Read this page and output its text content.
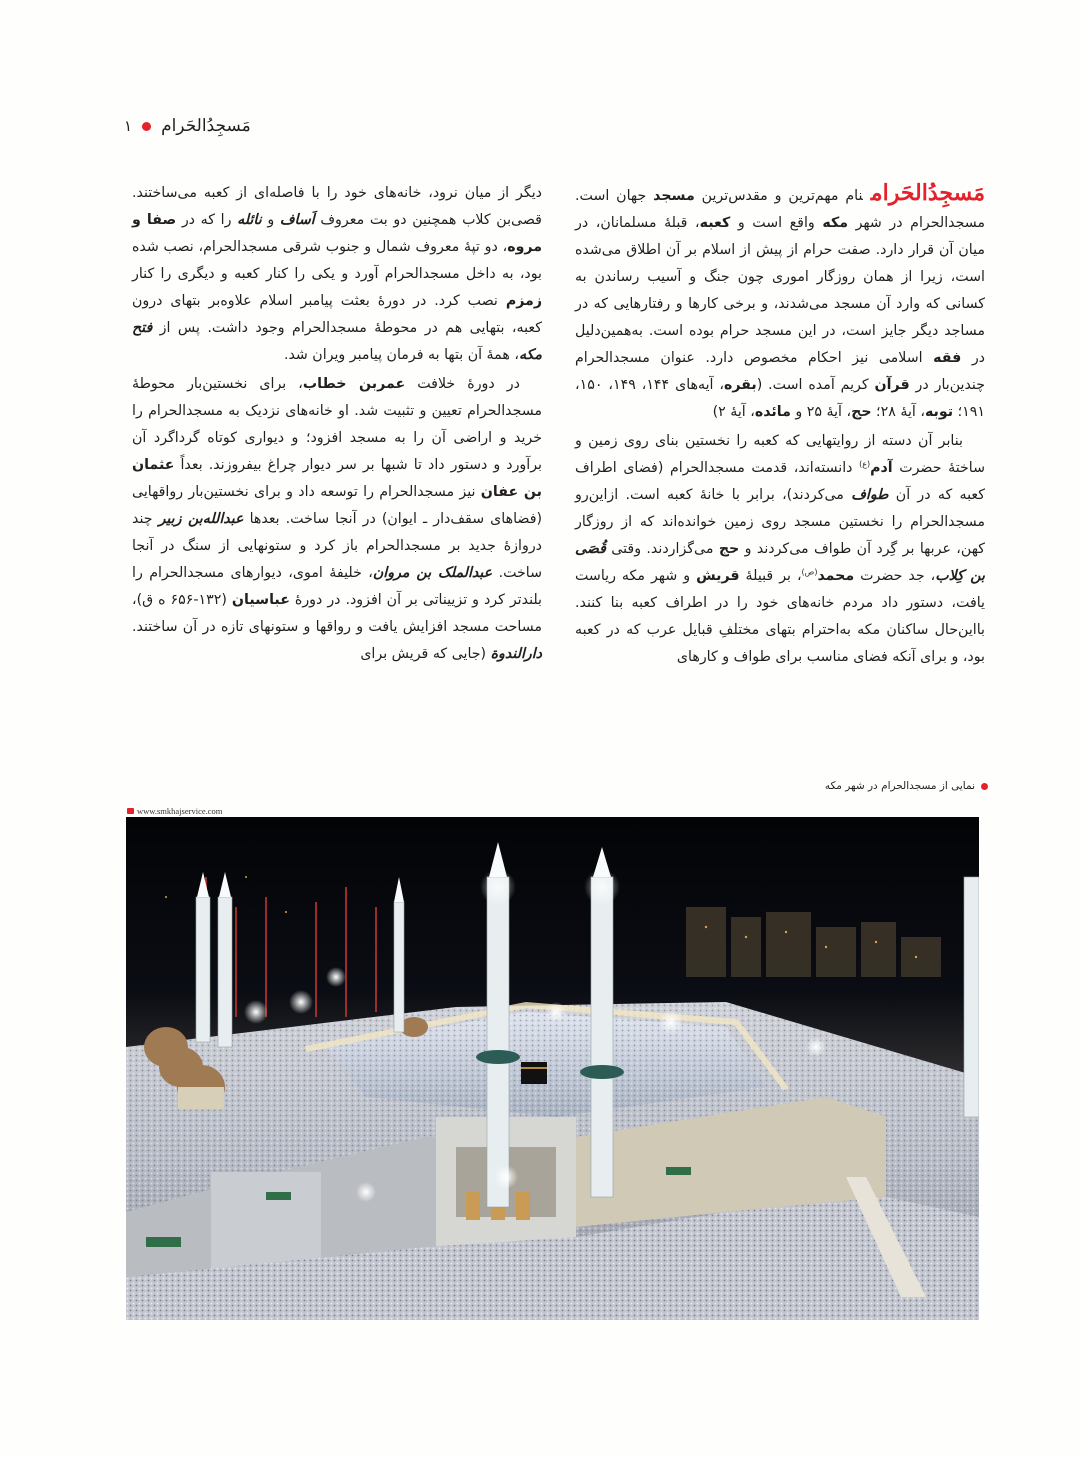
مَسجِدُالحَرام
۱

مَسجِدُالحَرامنام مهم‌ترین و مقدس‌ترین مسجد جهان است. مسجدالحرام در شهر مکه واقع است و کعبه، قبلهٔ مسلمانان، در میان آن قرار دارد. صفت حرام از پیش از اسلام بر آن اطلاق می‌شده است، زیرا از همان روزگار اموری چون جنگ و آسیب رساندن به کسانی که وارد آن مسجد می‌شدند، و برخی کارها و رفتارهایی که در مساجد دیگر جایز است، در این مسجد حرام بوده است. به‌همین‌دلیل در فقه اسلامی نیز احکام مخصوص دارد. عنوان مسجدالحرام چندین‌بار در قرآن کریم آمده است. (بقره، آیه‌های ۱۴۴، ۱۴۹، ۱۵۰، ۱۹۱؛ توبه، آیهٔ ۲۸؛ حج، آیهٔ ۲۵ و مائده، آیهٔ ۲)

بنابر آن دسته از روایتهایی که کعبه را نخستین بنای روی زمین و ساختهٔ حضرت آدم$^{(ع)}$ دانسته‌اند، قدمت مسجدالحرام (فضای اطراف کعبه که در آن طواف می‌کردند)، برابر با خانهٔ کعبه است. ازاین‌رو مسجدالحرام را نخستین مسجد روی زمین خوانده‌اند که از روزگار کهن، عربها بر گِرد آن طواف می‌کردند و حج می‌گزاردند. وقتی قُصَی بن کِلاب، جد حضرت محمد$^{(ص)}$، بر قبیلهٔ قریش و شهر مکه ریاست یافت، دستور داد مردم خانه‌های خود را در اطراف کعبه بنا کنند. بااین‌حال ساکنان مکه به‌احترام بتهای مختلفِ قبایل عرب که در کعبه بود، و برای آنکه فضای مناسب برای طواف و کارهای

دیگر از میان نرود، خانه‌های خود را با فاصله‌ای از کعبه می‌ساختند. قصی‌بن کلاب همچنین دو بت معروف اَساف و نائله را که در صفا و مروه، دو تپهٔ معروف شمال و جنوب شرقی مسجدالحرام، نصب شده بود، به داخل مسجدالحرام آورد و یکی را کنار کعبه و دیگری را کنار زمزم نصب کرد. در دورهٔ بعثت پیامبر اسلام علاوه‌بر بتهای درون کعبه، بتهایی هم در محوطهٔ مسجدالحرام وجود داشت. پس از فتح مکه، همهٔ آن بتها به فرمان پیامبر ویران شد.

در دورهٔ خلافت عمربن خطاب، برای نخستین‌بار محوطهٔ مسجدالحرام تعیین و تثبیت شد. او خانه‌های نزدیک به مسجدالحرام را خرید و اراضی آن را به مسجد افزود؛ و دیواری کوتاه گرداگرد آن برآورد و دستور داد تا شبها بر سر دیوار چراغ بیفروزند. بعداً عثمان بن عفان نیز مسجدالحرام را توسعه داد و برای نخستین‌بار رواقهایی (فضاهای سقف‌دار ـ ایوان) در آنجا ساخت. بعدها عبدالله‌بن زبیر چند دروازهٔ جدید بر مسجدالحرام باز کرد و ستونهایی از سنگ در آنجا ساخت. عبدالملک بن مروان، خلیفهٔ اموی، دیوارهای مسجدالحرام را بلندتر کرد و تزییناتی بر آن افزود. در دورهٔ عباسیان (۱۳۲-۶۵۶ ه ق)، مساحت مسجد افزایش یافت و رواقها و ستونهای تازه در آن ساختند. دارالندوة (جایی که قریش برای

نمایی از مسجدالحرام در شهر مکه
www.smkhajservice.com
